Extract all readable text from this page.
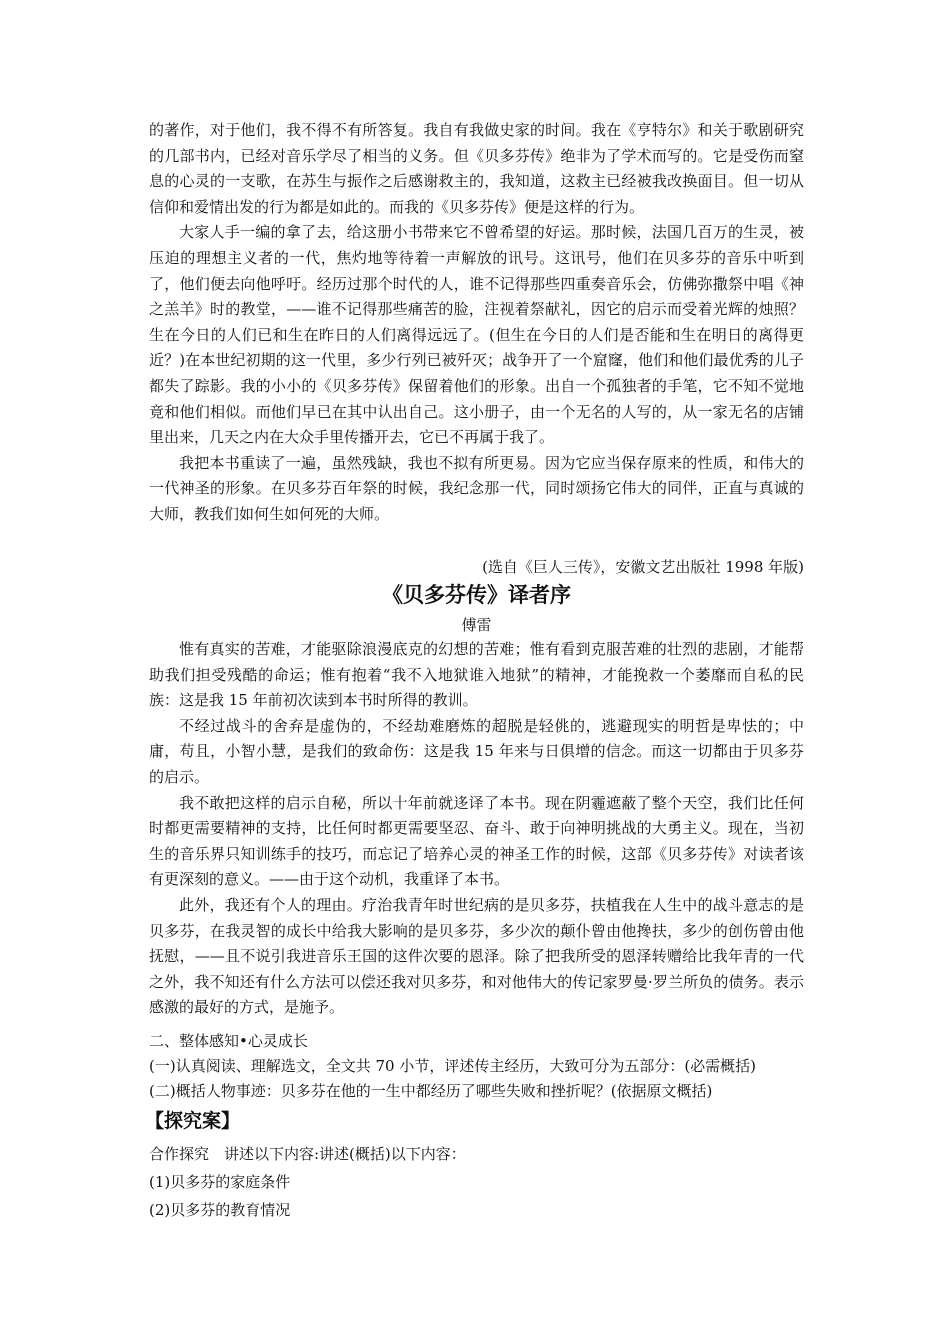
的著作，对于他们，我不得不有所答复。我自有我做史家的时间。我在《亨特尔》和关于歌剧研究的几部书内，已经对音乐学尽了相当的义务。但《贝多芬传》绝非为了学术而写的。它是受伤而窒息的心灵的一支歌，在苏生与振作之后感谢救主的，我知道，这救主已经被我改换面目。但一切从信仰和爱情出发的行为都是如此的。而我的《贝多芬传》便是这样的行为。

大家人手一编的拿了去，给这册小书带来它不曾希望的好运。那时候，法国几百万的生灵，被压迫的理想主义者的一代，焦灼地等待着一声解放的讯号。这讯号，他们在贝多芬的音乐中听到了，他们便去向他呼吁。经历过那个时代的人，谁不记得那些四重奏音乐会，仿佛弥撒祭中唱《神之羔羊》时的教堂，——谁不记得那些痛苦的脸，注视着祭献礼，因它的启示而受着光辉的烛照？生在今日的人们已和生在昨日的人们离得远远了。(但生在今日的人们是否能和生在明日的离得更近？)在本世纪初期的这一代里，多少行列已被歼灭；战争开了一个窟窿，他们和他们最优秀的儿子都失了踪影。我的小小的《贝多芬传》保留着他们的形象。出自一个孤独者的手笔，它不知不觉地竟和他们相似。而他们早已在其中认出自己。这小册子，由一个无名的人写的，从一家无名的店铺里出来，几天之内在大众手里传播开去，它已不再属于我了。

我把本书重读了一遍，虽然残缺，我也不拟有所更易。因为它应当保存原来的性质，和伟大的一代神圣的形象。在贝多芬百年祭的时候，我纪念那一代，同时颂扬它伟大的同伴，正直与真诚的大师，教我们如何生如何死的大师。

(选自《巨人三传》，安徽文艺出版社 1998 年版)

《贝多芬传》译者序

傅雷

惟有真实的苦难，才能驱除浪漫底克的幻想的苦难；惟有看到克服苦难的壮烈的悲剧，才能帮助我们担受残酷的命运；惟有抱着“我不入地狱谁入地狱”的精神，才能挽救一个萎靡而自私的民族：这是我 15 年前初次读到本书时所得的教训。

不经过战斗的舍弃是虚伪的，不经劫难磨炼的超脱是轻佻的，逃避现实的明哲是卑怯的；中庸，苟且，小智小慧，是我们的致命伤：这是我 15 年来与日俱增的信念。而这一切都由于贝多芬的启示。

我不敢把这样的启示自秘，所以十年前就迻译了本书。现在阴霾遮蔽了整个天空，我们比任何时都更需要精神的支持，比任何时都更需要坚忍、奋斗、敢于向神明挑战的大勇主义。现在，当初生的音乐界只知训练手的技巧，而忘记了培养心灵的神圣工作的时候，这部《贝多芬传》对读者该有更深刻的意义。——由于这个动机，我重译了本书。

此外，我还有个人的理由。疗治我青年时世纪病的是贝多芬，扶植我在人生中的战斗意志的是贝多芬，在我灵智的成长中给我大影响的是贝多芬，多少次的颠仆曾由他搀扶，多少的创伤曾由他抚慰，——且不说引我进音乐王国的这件次要的恩泽。除了把我所受的恩泽转赠给比我年青的一代之外，我不知还有什么方法可以偿还我对贝多芬，和对他伟大的传记家罗曼·罗兰所负的债务。表示感激的最好的方式，是施予。

二、整体感知•心灵成长

(一)认真阅读、理解选文，全文共 70 小节，评述传主经历，大致可分为五部分：(必需概括)

(二)概括人物事迹：贝多芬在他的一生中都经历了哪些失败和挫折呢？(依据原文概括)

【探究案】

合作探究　讲述以下内容:讲述(概括)以下内容：

(1)贝多芬的家庭条件

(2)贝多芬的教育情况
